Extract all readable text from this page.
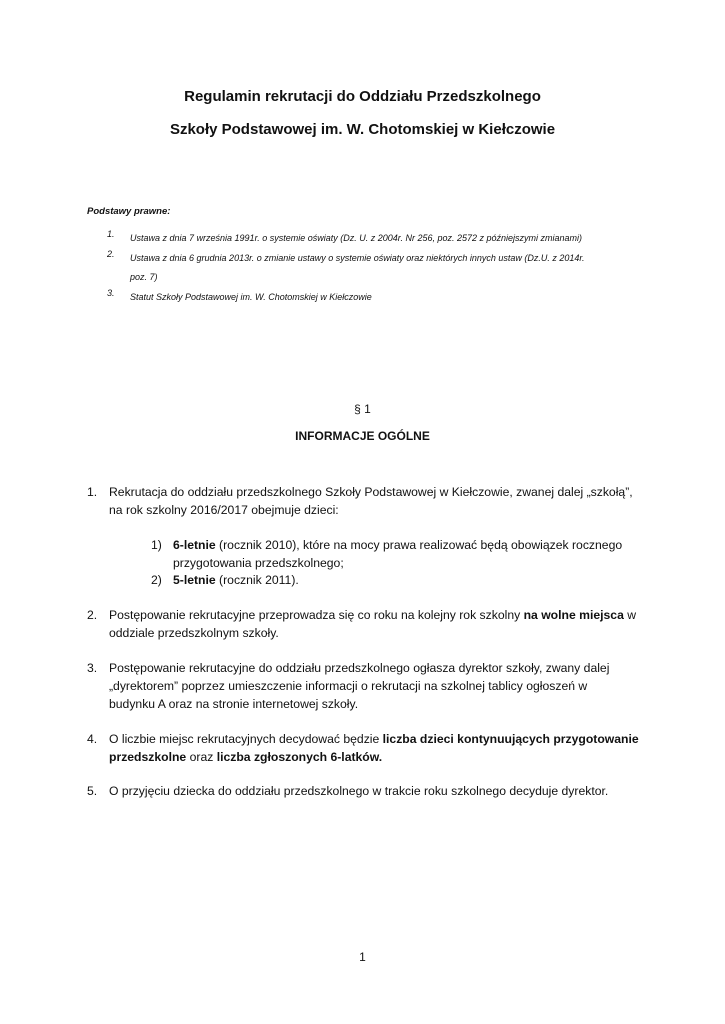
Regulamin rekrutacji do Oddziału Przedszkolnego
Szkoły Podstawowej im. W. Chotomskiej w Kiełczowie
Podstawy prawne:
1.	Ustawa z dnia 7 września 1991r. o systemie oświaty (Dz. U. z 2004r. Nr 256, poz. 2572 z późniejszymi zmianami)
2.	Ustawa z dnia 6 grudnia 2013r. o zmianie ustawy o systemie oświaty oraz niektórych innych ustaw (Dz.U. z 2014r.
poz. 7)
3.	Statut Szkoły Podstawowej im. W. Chotomskiej w Kiełczowie
§ 1
INFORMACJE OGÓLNE
1. Rekrutacja do oddziału przedszkolnego Szkoły Podstawowej w Kiełczowie, zwanej dalej „szkołą”,
na rok szkolny 2016/2017 obejmuje dzieci:
1) 6-letnie (rocznik 2010), które na mocy prawa realizować będą obowiązek rocznego
przygotowania przedszkolnego;
2) 5-letnie (rocznik 2011).
2. Postępowanie rekrutacyjne przeprowadza się co roku na kolejny rok szkolny na wolne miejsca w
oddziale przedszkolnym szkoły.
3. Postępowanie rekrutacyjne do oddziału przedszkolnego ogłasza dyrektor szkoły, zwany dalej
„dyrektorem” poprzez umieszczenie informacji o rekrutacji na szkolnej tablicy ogłoszeń w
budynku A oraz na stronie internetowej szkoły.
4. O liczbie miejsc rekrutacyjnych decydować będzie liczba dzieci kontynuujących przygotowanie
przedszkolne oraz liczba zgłoszonych 6-latków.
5. O przyjęciu dziecka do oddziału przedszkolnego w trakcie roku szkolnego decyduje dyrektor.
1
